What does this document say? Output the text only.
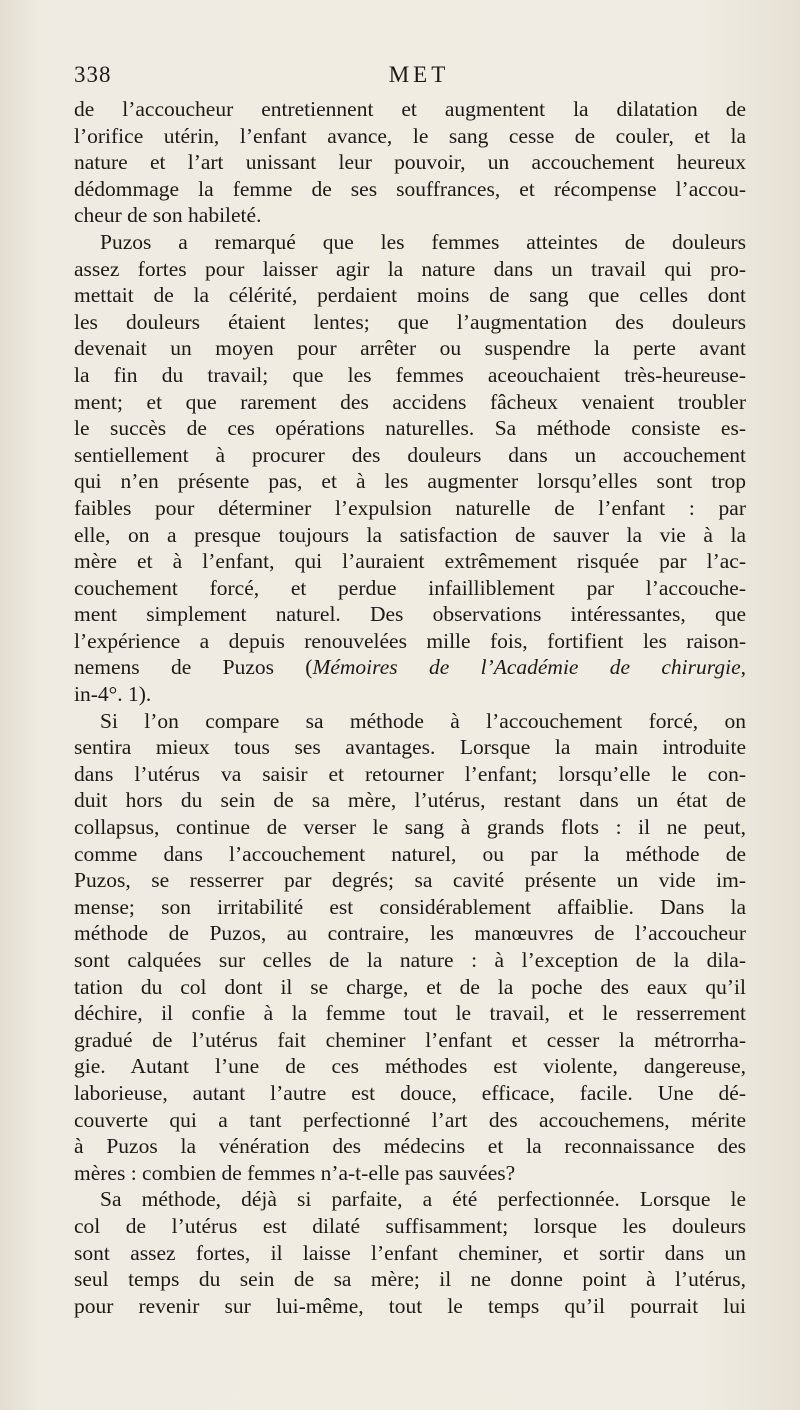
338	MET
de l’accoucheur entretiennent et augmentent la dilatation de
l’orifice utérin, l’enfant avance, le sang cesse de couler, et la
nature et l’art unissant leur pouvoir, un accouchement heureux
dédommage la femme de ses souffrances, et récompense l’accou-
cheur de son habileté.
Puzos a remarqué que les femmes atteintes de douleurs
assez fortes pour laisser agir la nature dans un travail qui pro-
mettait de la célérité, perdaient moins de sang que celles dont
les douleurs étaient lentes; que l’augmentation des douleurs
devenait un moyen pour arrêter ou suspendre la perte avant
la fin du travail; que les femmes aceouchaient très-heureuse-
ment; et que rarement des accidens fâcheux venaient troubler
le succès de ces opérations naturelles. Sa méthode consiste es-
sentiellement à procurer des douleurs dans un accouchement
qui n’en présente pas, et à les augmenter lorsqu’elles sont trop
faibles pour déterminer l’expulsion naturelle de l’enfant : par
elle, on a presque toujours la satisfaction de sauver la vie à la
mère et à l’enfant, qui l’auraient extrêmement risquée par l’ac-
couchement forcé, et perdue infailliblement par l’accouche-
ment simplement naturel. Des observations intéressantes, que
l’expérience a depuis renouvelées mille fois, fortifient les raison-
nemens de Puzos (Mémoires de l’Académie de chirurgie,
in-4°. 1).
Si l’on compare sa méthode à l’accouchement forcé, on
sentira mieux tous ses avantages. Lorsque la main introduite
dans l’utérus va saisir et retourner l’enfant; lorsqu’elle le con-
duit hors du sein de sa mère, l’utérus, restant dans un état de
collapsus, continue de verser le sang à grands flots : il ne peut,
comme dans l’accouchement naturel, ou par la méthode de
Puzos, se resserrer par degrés; sa cavité présente un vide im-
mense; son irritabilité est considérablement affaiblie. Dans la
méthode de Puzos, au contraire, les manœuvres de l’accoucheur
sont calquées sur celles de la nature : à l’exception de la dila-
tation du col dont il se charge, et de la poche des eaux qu’il
déchire, il confie à la femme tout le travail, et le resserrement
gradué de l’utérus fait cheminer l’enfant et cesser la métrorrha-
gie. Autant l’une de ces méthodes est violente, dangereuse,
laborieuse, autant l’autre est douce, efficace, facile. Une dé-
couverte qui a tant perfectionné l’art des accouchemens, mérite
à Puzos la vénération des médecins et la reconnaissance des
mères : combien de femmes n’a-t-elle pas sauvées?
Sa méthode, déjà si parfaite, a été perfectionnée. Lorsque le
col de l’utérus est dilaté suffisamment; lorsque les douleurs
sont assez fortes, il laisse l’enfant cheminer, et sortir dans un
seul temps du sein de sa mère; il ne donne point à l’utérus,
pour revenir sur lui-même, tout le temps qu’il pourrait lui
